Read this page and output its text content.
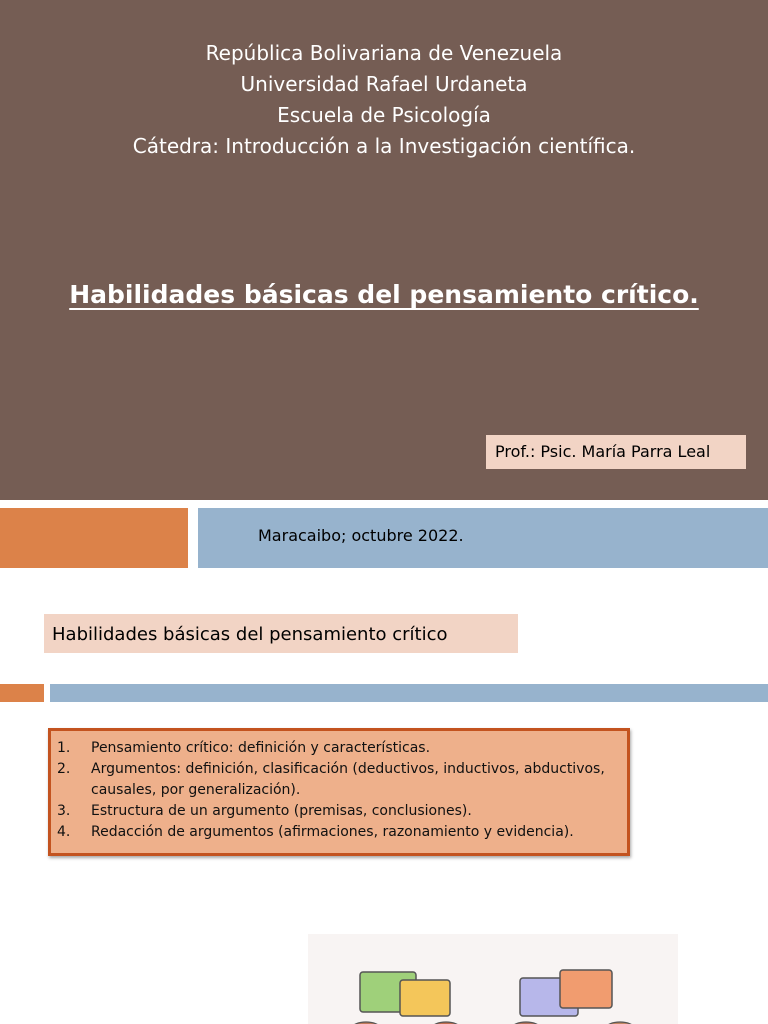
República Bolivariana de Venezuela
Universidad Rafael Urdaneta
Escuela de Psicología
Cátedra: Introducción a la Investigación científica.
Habilidades básicas del pensamiento crítico.
Prof.: Psic. María Parra Leal
Maracaibo; octubre 2022.
Habilidades básicas del pensamiento crítico
1.	Pensamiento crítico: definición y características.
2.	Argumentos: definición, clasificación (deductivos, inductivos, abductivos, causales, por generalización).
3.	Estructura de un argumento (premisas, conclusiones).
4.	Redacción de argumentos (afirmaciones, razonamiento y evidencia).
